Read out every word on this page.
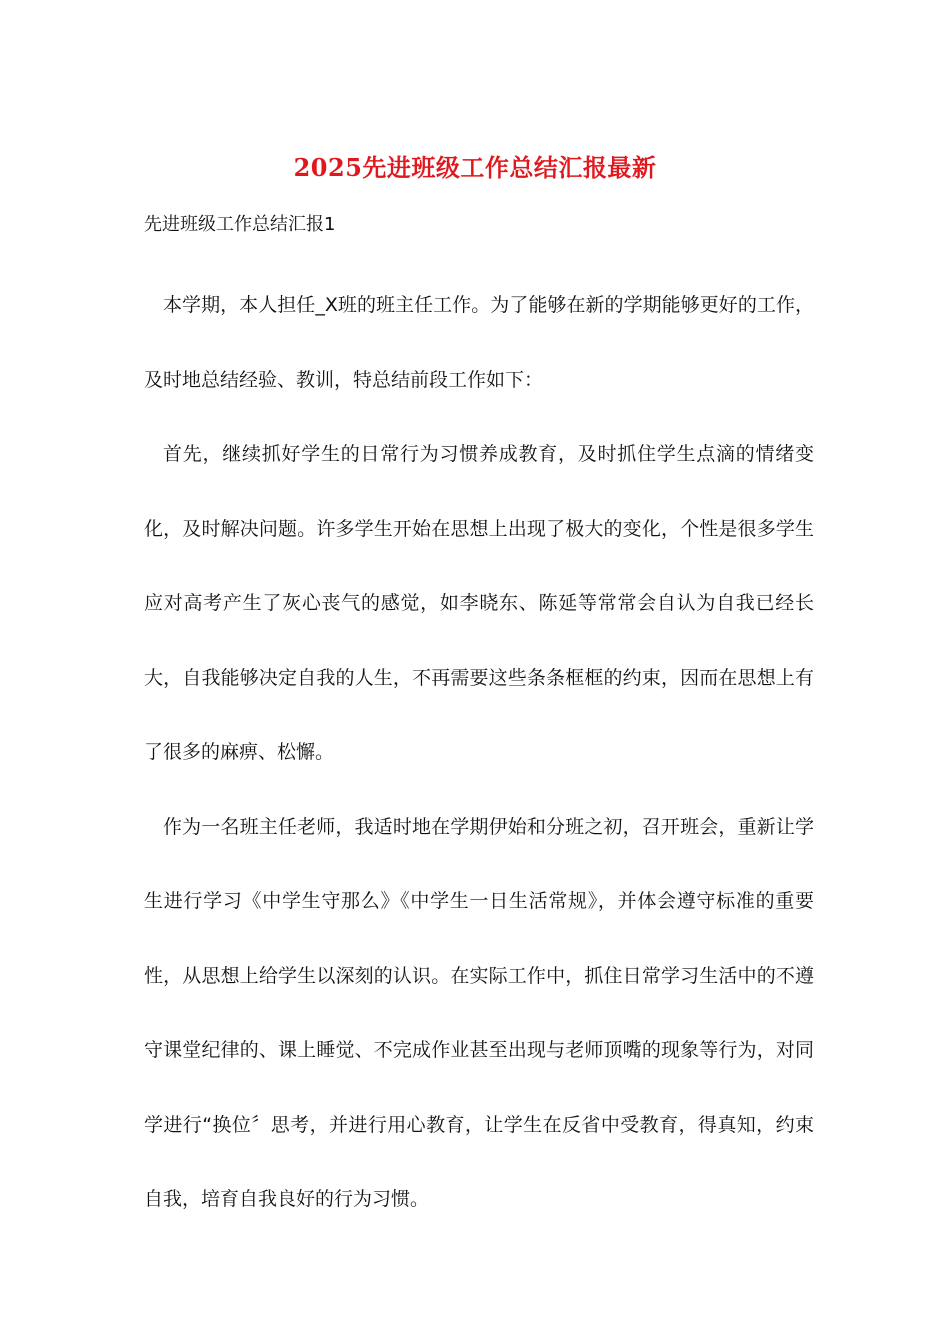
2025先进班级工作总结汇报最新
先进班级工作总结汇报1

本学期，本人担任_X班的班主任工作。为了能够在新的学期能够更好的工作，及时地总结经验、教训，特总结前段工作如下：

首先，继续抓好学生的日常行为习惯养成教育，及时抓住学生点滴的情绪变化，及时解决问题。许多学生开始在思想上出现了极大的变化，个性是很多学生应对高考产生了灰心丧气的感觉，如李晓东、陈延等常常会自认为自我已经长大，自我能够决定自我的人生，不再需要这些条条框框的约束，因而在思想上有了很多的麻痹、松懈。

作为一名班主任老师，我适时地在学期伊始和分班之初，召开班会，重新让学生进行学习《中学生守那么》《中学生一日生活常规》，并体会遵守标准的重要性，从思想上给学生以深刻的认识。在实际工作中，抓住日常学习生活中的不遵守课堂纪律的、课上睡觉、不完成作业甚至出现与老师顶嘴的现象等行为，对同学进行“换位〞思考，并进行用心教育，让学生在反省中受教育，得真知，约束自我，培育自我良好的行为习惯。
